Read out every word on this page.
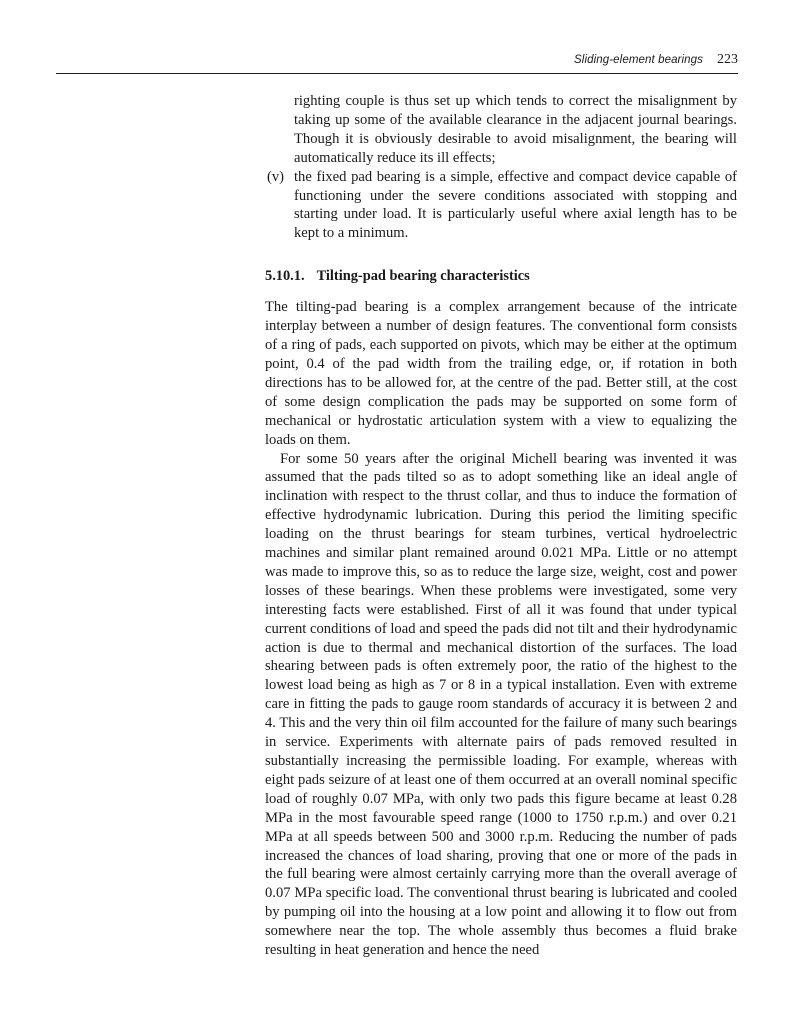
Sliding-element bearings 223
righting couple is thus set up which tends to correct the misalignment by taking up some of the available clearance in the adjacent journal bearings. Though it is obviously desirable to avoid misalignment, the bearing will automatically reduce its ill effects;
(v) the fixed pad bearing is a simple, effective and compact device capable of functioning under the severe conditions associated with stopping and starting under load. It is particularly useful where axial length has to be kept to a minimum.
5.10.1. Tilting-pad bearing characteristics

The tilting-pad bearing is a complex arrangement because of the intricate interplay between a number of design features. The conventional form consists of a ring of pads, each supported on pivots, which may be either at the optimum point, 0.4 of the pad width from the trailing edge, or, if rotation in both directions has to be allowed for, at the centre of the pad. Better still, at the cost of some design complication the pads may be supported on some form of mechanical or hydrostatic articulation system with a view to equalizing the loads on them.

For some 50 years after the original Michell bearing was invented it was assumed that the pads tilted so as to adopt something like an ideal angle of inclination with respect to the thrust collar, and thus to induce the formation of effective hydrodynamic lubrication. During this period the limiting specific loading on the thrust bearings for steam turbines, vertical hydroelectric machines and similar plant remained around 0.021 MPa. Little or no attempt was made to improve this, so as to reduce the large size, weight, cost and power losses of these bearings. When these problems were investigated, some very interesting facts were established. First of all it was found that under typical current conditions of load and speed the pads did not tilt and their hydrodynamic action is due to thermal and mechanical distortion of the surfaces. The load shearing between pads is often extremely poor, the ratio of the highest to the lowest load being as high as 7 or 8 in a typical installation. Even with extreme care in fitting the pads to gauge room standards of accuracy it is between 2 and 4. This and the very thin oil film accounted for the failure of many such bearings in service. Experiments with alternate pairs of pads removed resulted in substantially increasing the permissible loading. For example, whereas with eight pads seizure of at least one of them occurred at an overall nominal specific load of roughly 0.07 MPa, with only two pads this figure became at least 0.28 MPa in the most favourable speed range (1000 to 1750 r.p.m.) and over 0.21 MPa at all speeds between 500 and 3000 r.p.m. Reducing the number of pads increased the chances of load sharing, proving that one or more of the pads in the full bearing were almost certainly carrying more than the overall average of 0.07 MPa specific load. The conventional thrust bearing is lubricated and cooled by pumping oil into the housing at a low point and allowing it to flow out from somewhere near the top. The whole assembly thus becomes a fluid brake resulting in heat generation and hence the need
